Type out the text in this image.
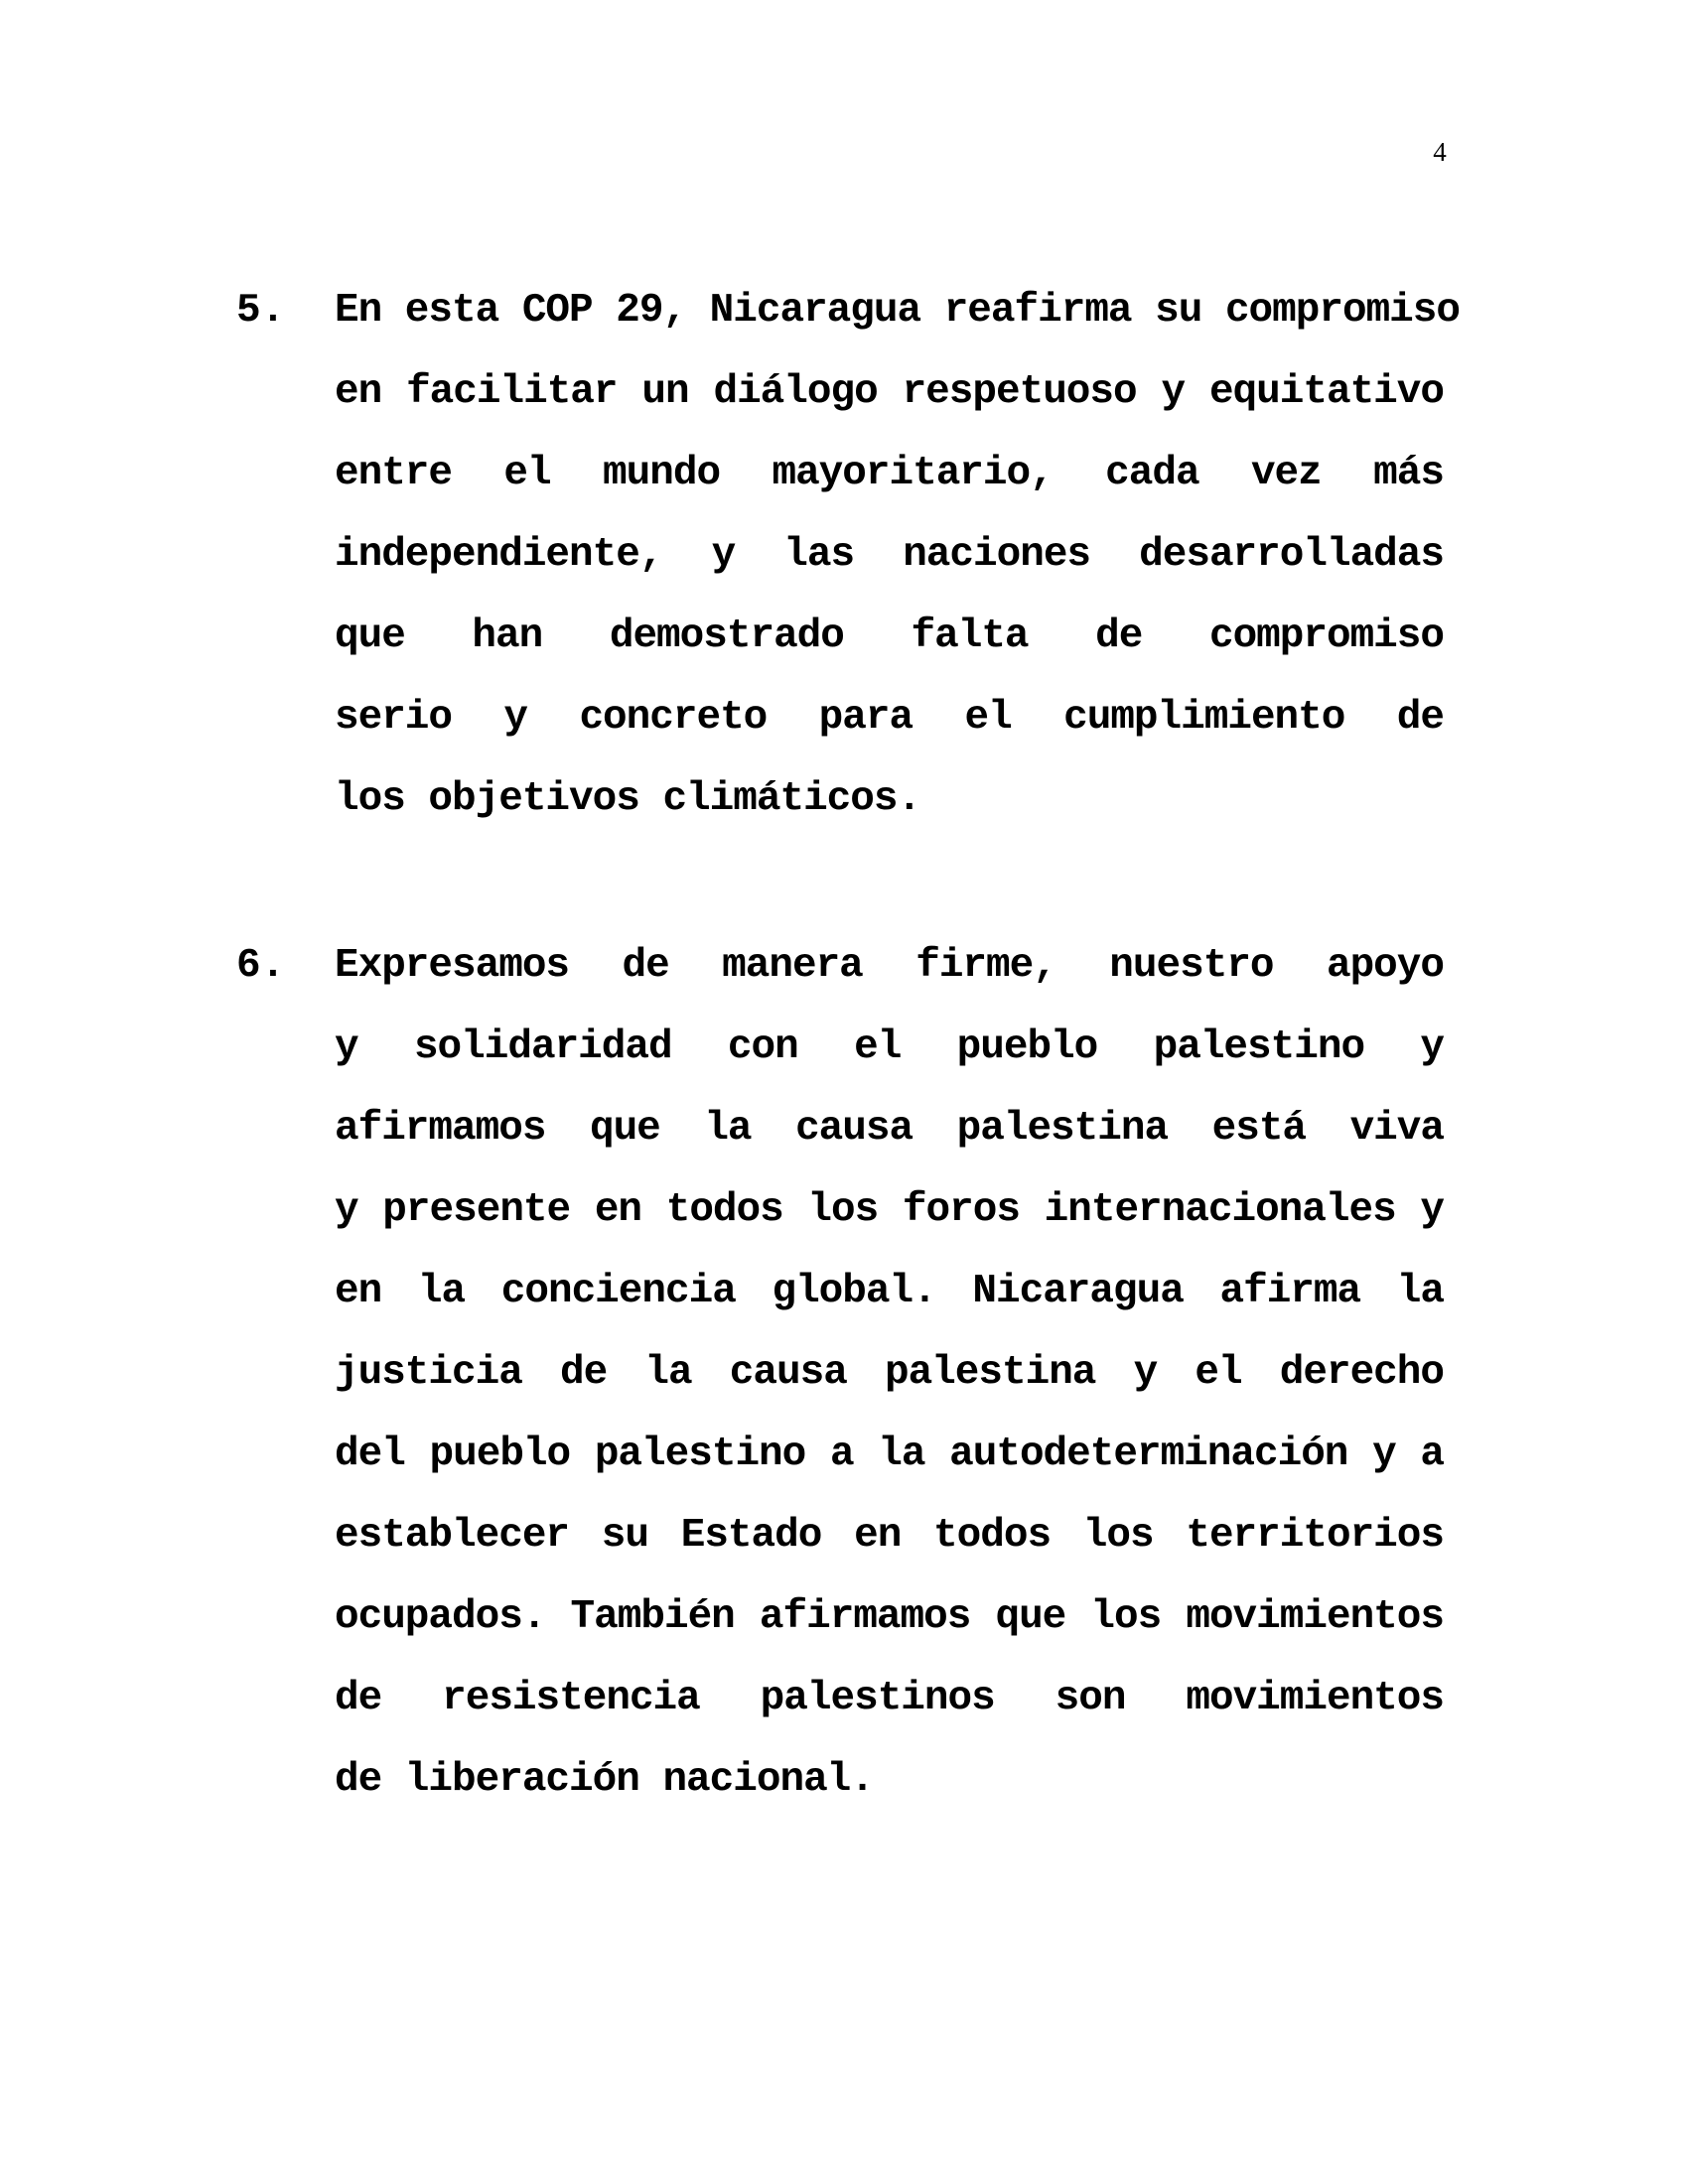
4
5. En esta COP 29, Nicaragua reafirma su compromiso
en facilitar un diálogo respetuoso y equitativo
entre el mundo mayoritario, cada vez más
independiente, y las naciones desarrolladas
que han demostrado falta de compromiso
serio y concreto para el cumplimiento de
los objetivos climáticos.
6. Expresamos de manera firme, nuestro apoyo
y solidaridad con el pueblo palestino y
afirmamos que la causa palestina está viva
y presente en todos los foros internacionales y
en la conciencia global. Nicaragua afirma la
justicia de la causa palestina y el derecho
del pueblo palestino a la autodeterminación y a
establecer su Estado en todos los territorios
ocupados. También afirmamos que los movimientos
de resistencia palestinos son movimientos
de liberación nacional.
